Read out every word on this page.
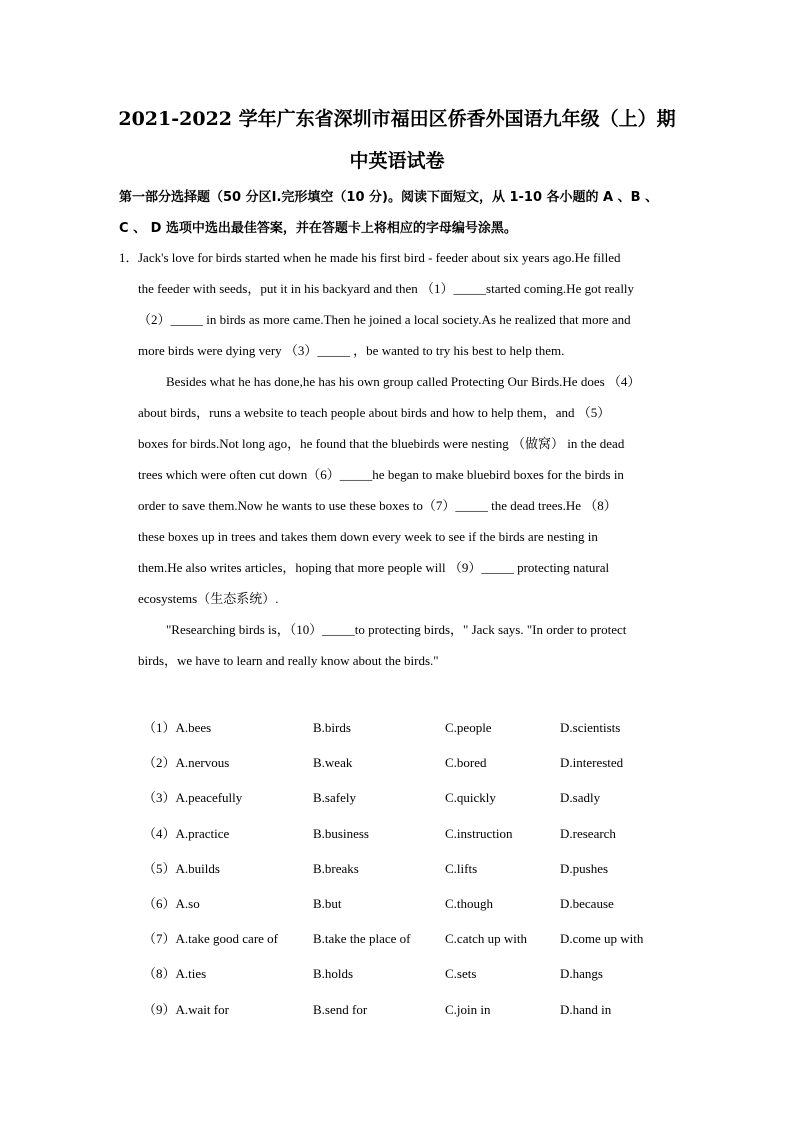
2021-2022 学年广东省深圳市福田区侨香外国语九年级（上）期
中英语试卷
第一部分选择题（50 分区Ⅰ.完形填空（10 分)。阅读下面短文，从 1-10 各小题的 A 、B 、
C 、 D 选项中选出最佳答案，并在答题卡上将相应的字母编号涂黑。
1． Jack's love for birds started when he made his first bird - feeder about six years ago.He filled
the feeder with seeds，put it in his backyard and then （1）_____started coming.He got really
（2）_____ in birds as more came.Then he joined a local society.As he realized that more and
more birds were dying very （3）_____ ，be wanted to try his best to help them.
Besides what he has done,he has his own group called Protecting Our Birds.He does （4）
about birds，runs a website to teach people about birds and how to help them，and （5）
boxes for birds.Not long ago，he found that the bluebirds were nesting （做窝） in the dead
trees which were often cut down（6）_____he began to make bluebird boxes for the birds in
order to save them.Now he wants to use these boxes to（7）_____ the dead trees.He （8）
these boxes up in trees and takes them down every week to see if the birds are nesting in
them.He also writes articles，hoping that more people will （9）_____ protecting natural
ecosystems（生态系统）.
"Researching birds is，（10）_____to protecting birds，" Jack says. "In order to protect
birds，we have to learn and really know about the birds."
（1）A.bees	B.birds	C.people	D.scientists
（2）A.nervous	B.weak	C.bored	D.interested
（3）A.peacefully	B.safely	C.quickly	D.sadly
（4）A.practice	B.business	C.instruction	D.research
（5）A.builds	B.breaks	C.lifts	D.pushes
（6）A.so	B.but	C.though	D.because
（7）A.take good care of	B.take the place of	C.catch up with	D.come up with
（8）A.ties	B.holds	C.sets	D.hangs
（9）A.wait for	B.send for	C.join in	D.hand in
